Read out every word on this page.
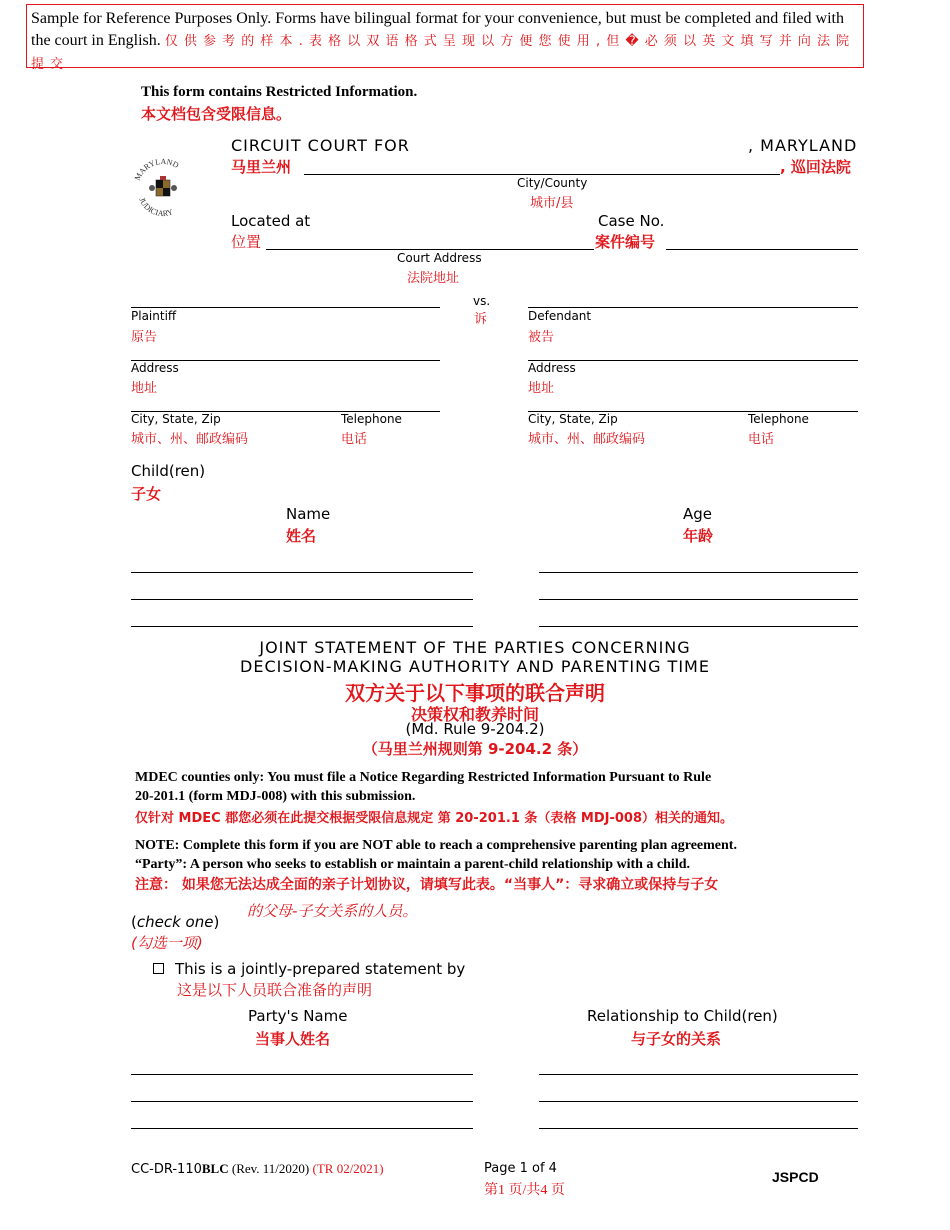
Sample for Reference Purposes Only. Forms have bilingual format for your convenience, but must be completed and filed with the court in English. 仅 供 参 考 的 样 本 . 表 格 以 双 语 格 式 呈 现 以 方 便 您 使 用 , 但 � 必 须 以 英 文 填 写 并 向 法 院 提 交
This form contains Restricted Information.
本文档包含受限信息。
MARYLAND
JUDICIARY
CIRCUIT COURT FOR	, MARYLAND
马里兰州	, 巡回法院
City/County
城市/县
Located at
位置
Case No.
案件编号
Court Address
法院地址
vs.
诉
Plaintiff
原告
Defendant
被告
Address
地址
Address
地址
City, State, Zip
城市、州、邮政编码
Telephone
电话
City, State, Zip
城市、州、邮政编码
Telephone
电话
Child(ren)
子女
Name
姓名
Age
年龄
JOINT STATEMENT OF THE PARTIES CONCERNING
DECISION-MAKING AUTHORITY AND PARENTING TIME
双方关于以下事项的联合声明
决策权和教养时间
(Md. Rule 9-204.2)
（马里兰州规则第 9-204.2 条）
MDEC counties only: You must file a Notice Regarding Restricted Information Pursuant to Rule
20-201.1 (form MDJ-008) with this submission.
仅针对 MDEC 郡您必须在此提交根据受限信息规定 第 20-201.1 条（表格 MDJ-008）相关的通知。
NOTE: Complete this form if you are NOT able to reach a comprehensive parenting plan agreement.
“Party”: A person who seeks to establish or maintain a parent-child relationship with a child.
注意： 如果您无法达成全面的亲子计划协议，请填写此表。“当事人”：寻求确立或保持与子女
的父母-子女关系的人员。
(check one)
(勾选一项)
This is a jointly-prepared statement by
这是以下人员联合准备的声明
Party's Name
当事人姓名
Relationship to Child(ren)
与子女的关系
CC-DR-110BLC (Rev. 11/2020) (TR 02/2021)	Page 1 of 4
第1 页/共4 页
JSPCD
